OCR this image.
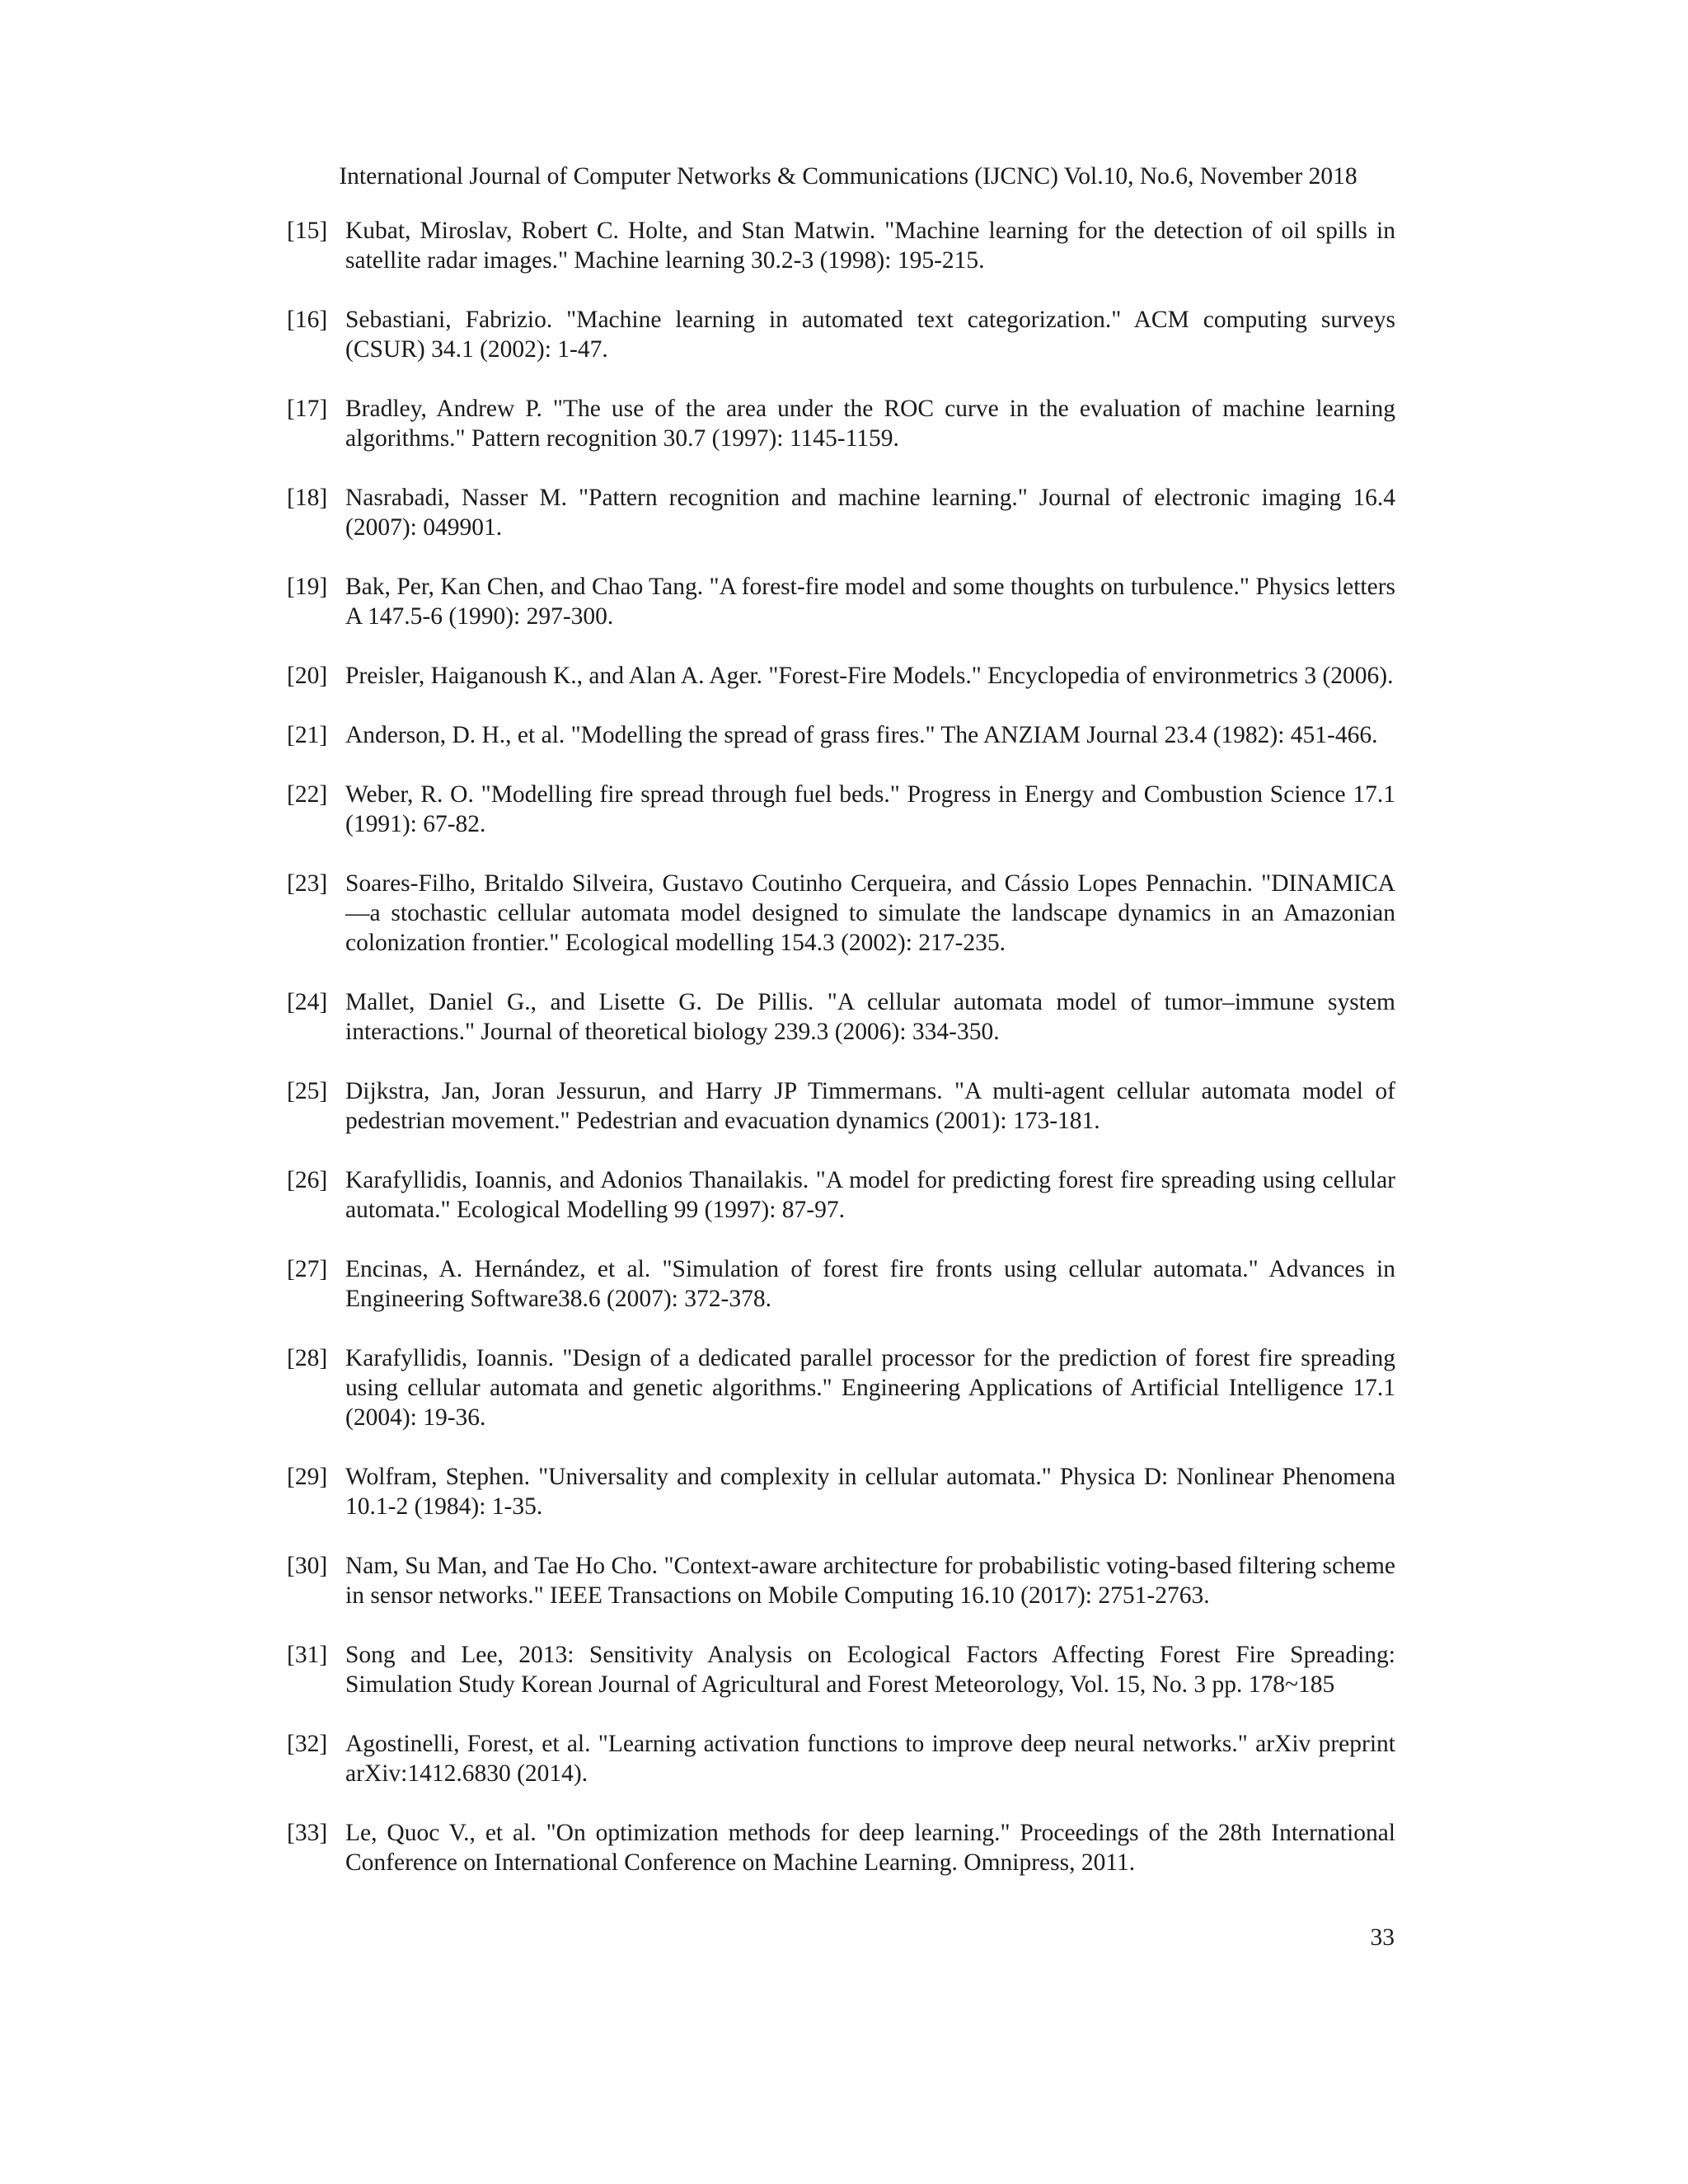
International Journal of Computer Networks & Communications (IJCNC) Vol.10, No.6, November 2018
[15] Kubat, Miroslav, Robert C. Holte, and Stan Matwin. "Machine learning for the detection of oil spills in satellite radar images." Machine learning 30.2-3 (1998): 195-215.
[16] Sebastiani, Fabrizio. "Machine learning in automated text categorization." ACM computing surveys (CSUR) 34.1 (2002): 1-47.
[17] Bradley, Andrew P. "The use of the area under the ROC curve in the evaluation of machine learning algorithms." Pattern recognition 30.7 (1997): 1145-1159.
[18] Nasrabadi, Nasser M. "Pattern recognition and machine learning." Journal of electronic imaging 16.4 (2007): 049901.
[19] Bak, Per, Kan Chen, and Chao Tang. "A forest-fire model and some thoughts on turbulence." Physics letters A 147.5-6 (1990): 297-300.
[20] Preisler, Haiganoush K., and Alan A. Ager. "Forest-Fire Models." Encyclopedia of environmetrics 3 (2006).
[21] Anderson, D. H., et al. "Modelling the spread of grass fires." The ANZIAM Journal 23.4 (1982): 451-466.
[22] Weber, R. O. "Modelling fire spread through fuel beds." Progress in Energy and Combustion Science 17.1 (1991): 67-82.
[23] Soares-Filho, Britaldo Silveira, Gustavo Coutinho Cerqueira, and Cássio Lopes Pennachin. "DINAMICA—a stochastic cellular automata model designed to simulate the landscape dynamics in an Amazonian colonization frontier." Ecological modelling 154.3 (2002): 217-235.
[24] Mallet, Daniel G., and Lisette G. De Pillis. "A cellular automata model of tumor–immune system interactions." Journal of theoretical biology 239.3 (2006): 334-350.
[25] Dijkstra, Jan, Joran Jessurun, and Harry JP Timmermans. "A multi-agent cellular automata model of pedestrian movement." Pedestrian and evacuation dynamics (2001): 173-181.
[26] Karafyllidis, Ioannis, and Adonios Thanailakis. "A model for predicting forest fire spreading using cellular automata." Ecological Modelling 99 (1997): 87-97.
[27] Encinas, A. Hernández, et al. "Simulation of forest fire fronts using cellular automata." Advances in Engineering Software38.6 (2007): 372-378.
[28] Karafyllidis, Ioannis. "Design of a dedicated parallel processor for the prediction of forest fire spreading using cellular automata and genetic algorithms." Engineering Applications of Artificial Intelligence 17.1 (2004): 19-36.
[29] Wolfram, Stephen. "Universality and complexity in cellular automata." Physica D: Nonlinear Phenomena 10.1-2 (1984): 1-35.
[30] Nam, Su Man, and Tae Ho Cho. "Context-aware architecture for probabilistic voting-based filtering scheme in sensor networks." IEEE Transactions on Mobile Computing 16.10 (2017): 2751-2763.
[31] Song and Lee, 2013: Sensitivity Analysis on Ecological Factors Affecting Forest Fire Spreading: Simulation Study Korean Journal of Agricultural and Forest Meteorology, Vol. 15, No. 3 pp. 178~185
[32] Agostinelli, Forest, et al. "Learning activation functions to improve deep neural networks." arXiv preprint arXiv:1412.6830 (2014).
[33] Le, Quoc V., et al. "On optimization methods for deep learning." Proceedings of the 28th International Conference on International Conference on Machine Learning. Omnipress, 2011.
33
